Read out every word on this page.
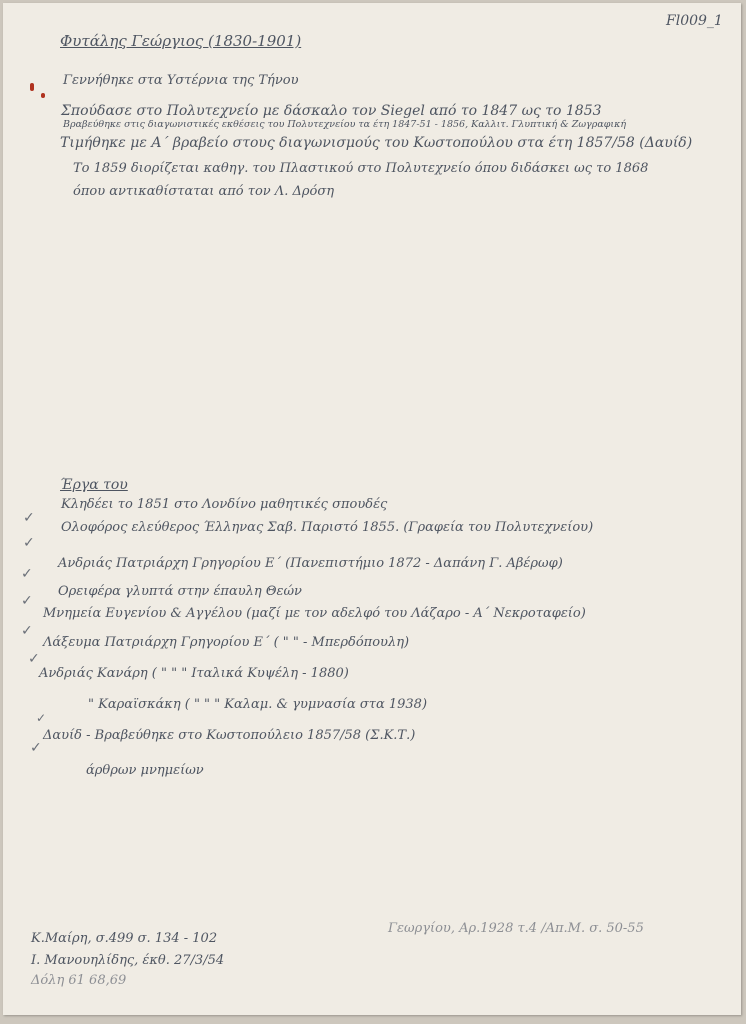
Fl009_1
Φυτάλης Γεώργιος (1830-1901)
Γεννήθηκε στα Υστέρνια της Τήνου
Σπούδασε στο Πολυτεχνείο με δάσκαλο τον Siegel από το 1847 ως το 1853
Βραβεύθηκε στις διαγωνιστικές εκθέσεις του Πολυτεχνείου τα έτη 1847-51 - 1856, Καλλιτ. Γλυπτική & Ζωγραφική
Τιμήθηκε με Α΄ βραβείο στους διαγωνισμούς του Κωστοπούλου στα έτη 1857/58 (Δαυίδ)
Το 1859 διορίζεται καθηγ. του Πλαστικού στο Πολυτεχνείο όπου διδάσκει ως το 1868
όπου αντικαθίσταται από τον Λ. Δρόση
Έργα του
✓
Κληδέει το 1851 στο Λονδίνο μαθητικές σπουδές
✓
Ολοφόρος ελεύθερος Έλληνας Σαβ. Παριστό 1855. (Γραφεία του Πολυτεχνείου)
✓
Ανδριάς Πατριάρχη Γρηγορίου Ε΄ (Πανεπιστήμιο 1872 - Δαπάνη Γ. Αβέρωφ)
✓
Ορειφέρα γλυπτά στην έπαυλη Θεών
✓
Μνημεία Ευγενίου & Αγγέλου (μαζί με τον αδελφό του Λάζαρο - Α΄ Νεκροταφείο)
✓
Λάξευμα Πατριάρχη Γρηγορίου Ε΄ ( " " - Μπερδόπουλη)
Ανδριάς Κανάρη ( " " " Ιταλικά Κυψέλη - 1880)
✓
" Καραϊσκάκη ( " " " Καλαμ. & γυμνασία στα 1938)
✓
Δαυίδ - Βραβεύθηκε στο Κωστοπούλειο 1857/58 (Σ.Κ.Τ.)
άρθρων μνημείων
Κ.Μαίρη, σ.499 σ. 134 - 102
Ι. Μανουηλίδης, έκθ. 27/3/54
Δόλη 61 68,69
Γεωργίου, Αρ.1928 τ.4 /Απ.Μ. σ. 50-55
